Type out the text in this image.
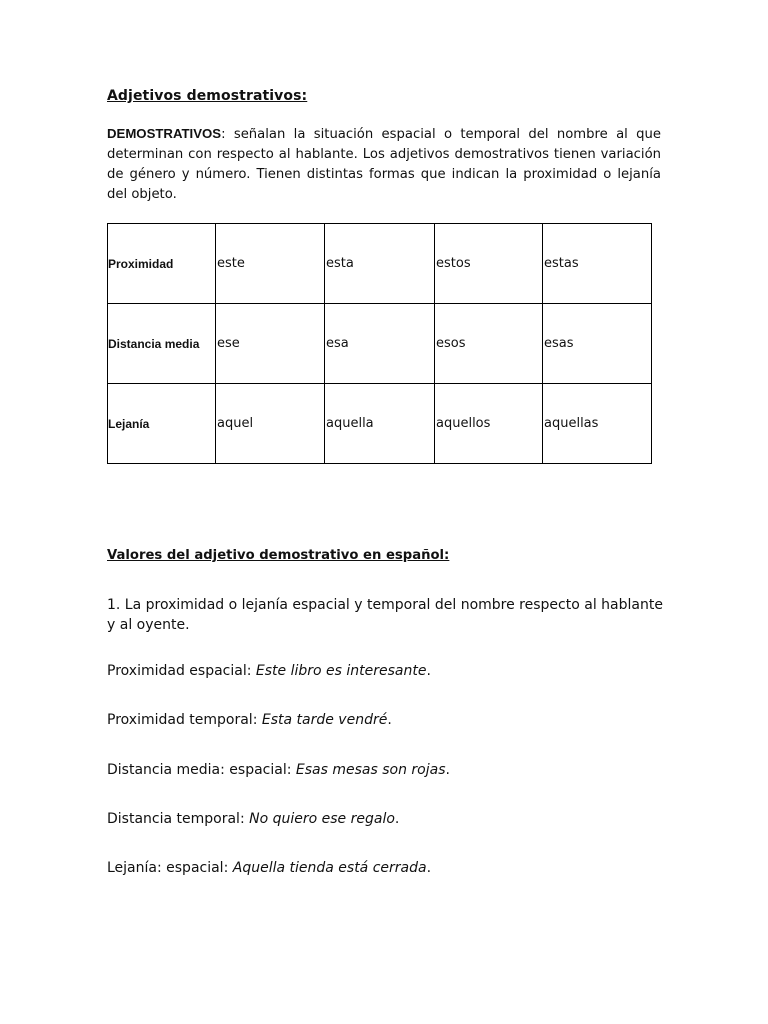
Adjetivos demostrativos:

DEMOSTRATIVOS: señalan la situación espacial o temporal del nombre al que determinan con respecto al hablante. Los adjetivos demostrativos tienen variación de género y número. Tienen distintas formas que indican la proximidad o lejanía del objeto.

Proximidad	este	esta	estos	estas
Distancia media	ese	esa	esos	esas
Lejanía	aquel	aquella	aquellos	aquellas
Valores del adjetivo demostrativo en español:

1. La proximidad o lejanía espacial y temporal del nombre respecto al hablante y al oyente.

Proximidad espacial: Este libro es interesante.

Proximidad temporal: Esta tarde vendré.

Distancia media: espacial: Esas mesas son rojas.

Distancia temporal: No quiero ese regalo.

Lejanía: espacial: Aquella tienda está cerrada.
